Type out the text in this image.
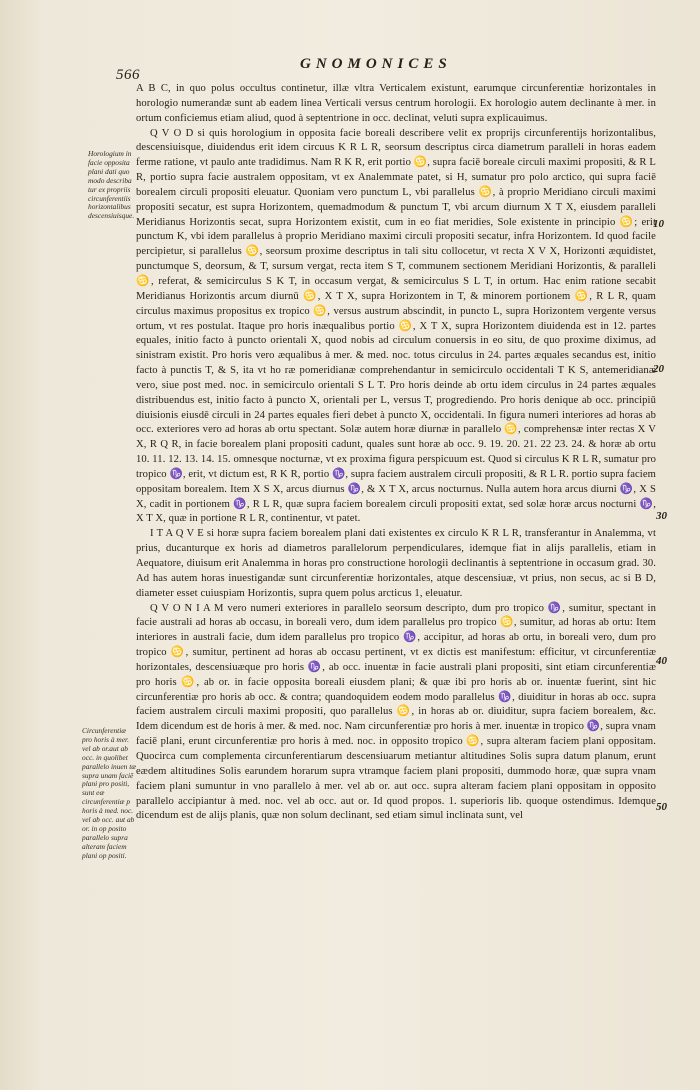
566
GNOMONICES
Horologium in facie opposita plani dati quo modo describa tur ex propriis circunferentiis horizontalibus descensiuisque.
Circunferentiæ pro horis à mer. vel ab or.aut ab occ. in quolibet parallelo inuen tæ supra unam faciē plani pro positi, sunt eæ circunferentiæ p horis à med. noc. vel ab occ. aut ab or. in op posito parallelo supra alteram faciem plani op positi.
10
20
30
40
50

A B C, in quo polus occultus continetur, illæ vltra Verticalem existunt, earumque circunferentiæ horizontales in horologio numerandæ sunt ab eadem linea Verticali versus centrum horologii. Ex horologio autem declinante à mer. in ortum conficiemus etiam aliud, quod à septentrione in occ. declinat, veluti supra explicauimus.

Q V O D si quis horologium in opposita facie boreali describere velit ex proprijs circunferentijs horizontalibus, descensiuisque, diuidendus erit idem circuus K R L R, seorsum descriptus circa diametrum paralleli in horas eadem ferme ratione, vt paulo ante tradidimus. Nam R K R, erit portio ♋, supra faciē boreale circuli maximi propositi, & R L R, portio supra facie australem oppositam, vt ex Analemmate patet, si H, sumatur pro polo arctico, qui supra faciē borealem circuli propositi eleuatur. Quoniam vero punctum L, vbi parallelus ♋, à proprio Meridiano circuli maximi propositi secatur, est supra Horizontem, quemadmodum & punctum T, vbi arcum diurnum X T X, eiusdem paralleli Meridianus Horizontis secat, supra Horizontem existit, cum in eo fiat meridies, Sole existente in principio ♋; erit punctum K, vbi idem parallelus à proprio Meridiano maximi circuli propositi secatur, infra Horizontem. Id quod facile percipietur, si parallelus ♋, seorsum proxime descriptus in tali situ collocetur, vt recta X V X, Horizonti æquidistet, punctumque S, deorsum, & T, sursum vergat, recta item S T, communem sectionem Meridiani Horizontis, & paralleli ♋, referat, & semicirculus S K T, in occasum vergat, & semicirculus S L T, in ortum. Hac enim ratione secabit Meridianus Horizontis arcum diurnū ♋, X T X, supra Horizontem in T, & minorem portionem ♋, R L R, quam circulus maximus propositus ex tropico ♋, versus austrum abscindit, in puncto L, supra Horizontem vergente versus ortum, vt res postulat. Itaque pro horis inæqualibus portio ♋, X T X, supra Horizontem diuidenda est in 12. partes equales, initio facto à puncto orientali X, quod nobis ad circulum conuersis in eo situ, de quo proxime diximus, ad sinistram existit. Pro horis vero æqualibus à mer. & med. noc. totus circulus in 24. partes æquales secandus est, initio facto à punctis T, & S, ita vt ho ræ pomeridianæ comprehendantur in semicirculo occidentali T K S, antemeridianæ vero, siue post med. noc. in semicirculo orientali S L T. Pro horis deinde ab ortu idem circulus in 24 partes æquales distribuendus est, initio facto à puncto X, orientali per L, versus T, progrediendo. Pro horis denique ab occ. principiū diuisionis eiusdē circuli in 24 partes equales fieri debet à puncto X, occidentali. In figura numeri interiores ad horas ab occ. exteriores vero ad horas ab ortu spectant. Solæ autem horæ diurnæ in parallelo ♋, comprehensæ inter rectas X V X, R Q R, in facie borealem plani propositi cadunt, quales sunt horæ ab occ. 9. 19. 20. 21. 22 23. 24. & horæ ab ortu 10. 11. 12. 13. 14. 15. omnesque nocturnæ, vt ex proxima figura perspicuum est. Quod si circulus K R L R, sumatur pro tropico ♑, erit, vt dictum est, R K R, portio ♑, supra faciem australem circuli propositi, & R L R. portio supra faciem oppositam borealem. Item X S X, arcus diurnus ♑, & X T X, arcus nocturnus. Nulla autem hora arcus diurni ♑, X S X, cadit in portionem ♑, R L R, quæ supra faciem borealem circuli propositi extat, sed solæ horæ arcus nocturni ♑, X T X, quæ in portione R L R, continentur, vt patet.

I T A Q V E si horæ supra faciem borealem plani dati existentes ex circulo K R L R, transferantur in Analemma, vt prius, ducanturque ex horis ad diametros parallelorum perpendiculares, idemque fiat in alijs parallelis, etiam in Aequatore, diuisum erit Analemma in horas pro constructione horologii declinantis à septentrione in occasum grad. 30. Ad has autem horas inuestigandæ sunt circunferentiæ horizontales, atque descensiuæ, vt prius, non secus, ac si B D, diameter esset cuiuspiam Horizontis, supra quem polus arcticus 1, eleuatur.

Q V O N I A M vero numeri exteriores in parallelo seorsum descripto, dum pro tropico ♑, sumitur, spectant in facie australi ad horas ab occasu, in boreali vero, dum idem parallelus pro tropico ♋, sumitur, ad horas ab ortu: Item interiores in australi facie, dum idem parallelus pro tropico ♑, accipitur, ad horas ab ortu, in boreali vero, dum pro tropico ♋, sumitur, pertinent ad horas ab occasu pertinent, vt ex dictis est manifestum: efficitur, vt circunferentiæ horizontales, descensiuæque pro horis ♑, ab occ. inuentæ in facie australi plani propositi, sint etiam circunferentiæ pro horis ♋, ab or. in facie opposita boreali eiusdem plani; & quæ ibi pro horis ab or. inuentæ fuerint, sint hic circunferentiæ pro horis ab occ. & contra; quandoquidem eodem modo parallelus ♑, diuiditur in horas ab occ. supra faciem australem circuli maximi propositi, quo parallelus ♋, in horas ab or. diuiditur, supra faciem borealem, &c. Idem dicendum est de horis à mer. & med. noc. Nam circunferentiæ pro horis à mer. inuentæ in tropico ♑, supra vnam faciē plani, erunt circunferentiæ pro horis à med. noc. in opposito tropico ♋, supra alteram faciem plani oppositam. Quocirca cum complementa circunferentiarum descensiuarum metiantur altitudines Solis supra datum planum, erunt eædem altitudines Solis earundem horarum supra vtramque faciem plani propositi, dummodo horæ, quæ supra vnam faciem plani sumuntur in vno parallelo à mer. vel ab or. aut occ. supra alteram faciem plani oppositam in opposito parallelo accipiantur à med. noc. vel ab occ. aut or. Id quod propos. 1. superioris lib. quoque ostendimus. Idemque dicendum est de alijs planis, quæ non solum declinant, sed etiam simul inclinata sunt, vel
